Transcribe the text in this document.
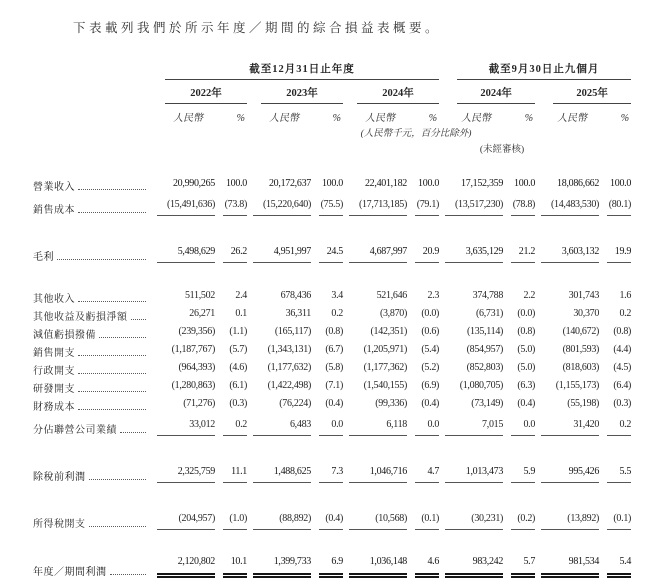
下表載列我們於所示年度／期間的綜合損益表概要。

	截至12月31日止年度						截至9月30日止九個月			

	2022年		2023年		2024年		2024年		2025年	

	人民幣	%	人民幣	%	人民幣	%	人民幣	%	人民幣	%
	(人民幣千元，百分比除外)									
							(未經審核)			

營業收入	20,990,265	100.0	20,172,637	100.0	22,401,182	100.0	17,152,359	100.0	18,086,662	100.0

銷售成本	(15,491,636)	(73.8)	(15,220,640)	(75.5)	(17,713,185)	(79.1)	(13,517,230)	(78.8)	(14,483,530)	(80.1)

毛利	5,498,629	26.2	4,951,997	24.5	4,687,997	20.9	3,635,129	21.2	3,603,132	19.9

其他收入	511,502	2.4	678,436	3.4	521,646	2.3	374,788	2.2	301,743	1.6

其他收益及虧損淨額	26,271	0.1	36,311	0.2	(3,870)	(0.0)	(6,731)	(0.0)	30,370	0.2

減值虧損撥備	(239,356)	(1.1)	(165,117)	(0.8)	(142,351)	(0.6)	(135,114)	(0.8)	(140,672)	(0.8)

銷售開支	(1,187,767)	(5.7)	(1,343,131)	(6.7)	(1,205,971)	(5.4)	(854,957)	(5.0)	(801,593)	(4.4)

行政開支	(964,393)	(4.6)	(1,177,632)	(5.8)	(1,177,362)	(5.2)	(852,803)	(5.0)	(818,603)	(4.5)

研發開支	(1,280,863)	(6.1)	(1,422,498)	(7.1)	(1,540,155)	(6.9)	(1,080,705)	(6.3)	(1,155,173)	(6.4)

財務成本	(71,276)	(0.3)	(76,224)	(0.4)	(99,336)	(0.4)	(73,149)	(0.4)	(55,198)	(0.3)

分佔聯營公司業績	33,012	0.2	6,483	0.0	6,118	0.0	7,015	0.0	31,420	0.2

除稅前利潤	2,325,759	11.1	1,488,625	7.3	1,046,716	4.7	1,013,473	5.9	995,426	5.5

所得稅開支	(204,957)	(1.0)	(88,892)	(0.4)	(10,568)	(0.1)	(30,231)	(0.2)	(13,892)	(0.1)

年度／期間利潤	2,120,802	10.1	1,399,733	6.9	1,036,148	4.6	983,242	5.7	981,534	5.4
